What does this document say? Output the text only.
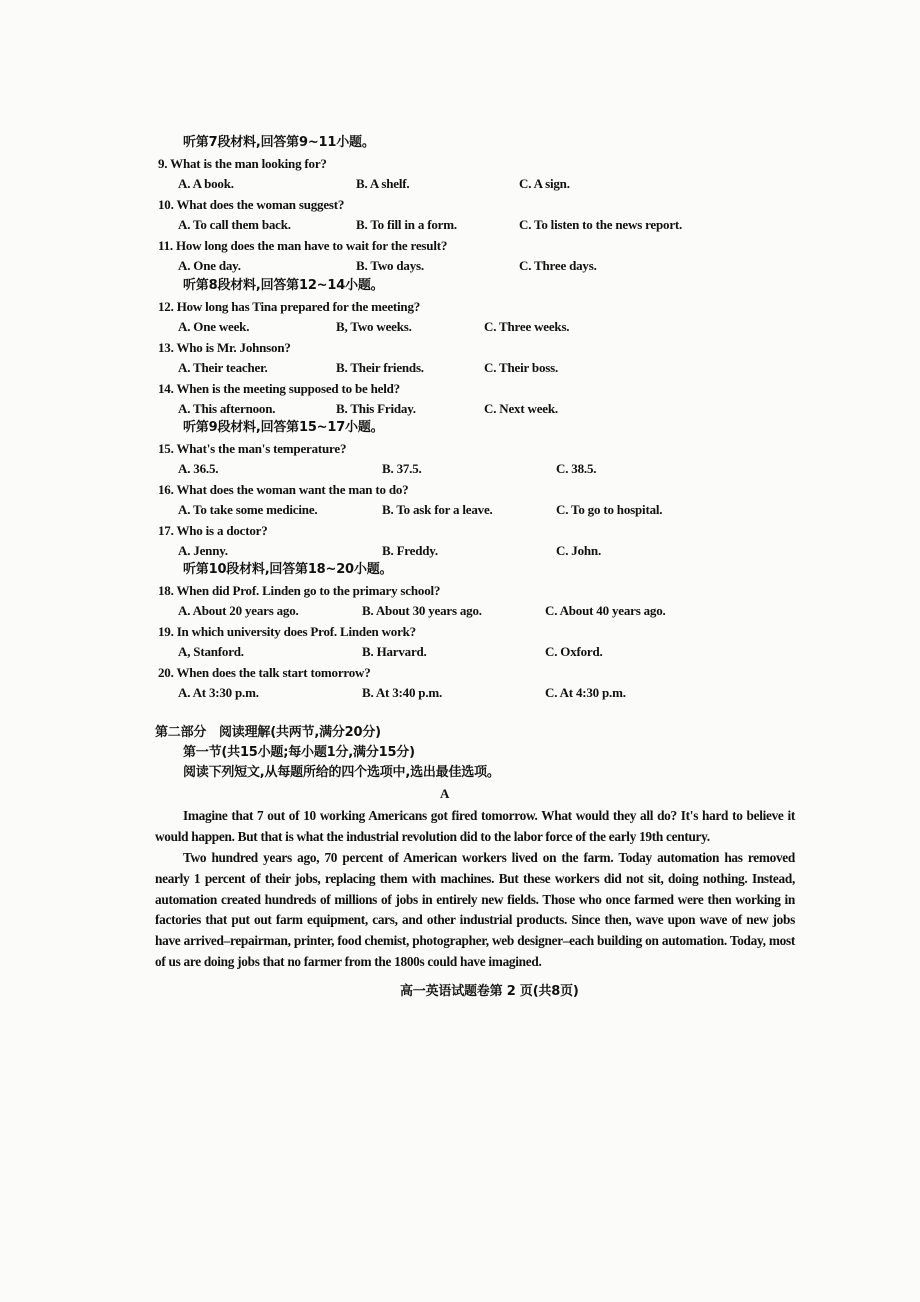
听第7段材料,回答第9~11小题。
9. What is the man looking for?
A. A book.	B. A shelf.	C. A sign.
10. What does the woman suggest?
A. To call them back.	B. To fill in a form.	C. To listen to the news report.
11. How long does the man have to wait for the result?
A. One day.	B. Two days.	C. Three days.
听第8段材料,回答第12~14小题。
12. How long has Tina prepared for the meeting?
A. One week.	B, Two weeks.	C. Three weeks.
13. Who is Mr. Johnson?
A. Their teacher.	B. Their friends.	C. Their boss.
14. When is the meeting supposed to be held?
A. This afternoon.	B. This Friday.	C. Next week.
听第9段材料,回答第15~17小题。
15. What's the man's temperature?
A. 36.5.	B. 37.5.	C. 38.5.
16. What does the woman want the man to do?
A. To take some medicine.	B. To ask for a leave.	C. To go to hospital.
17. Who is a doctor?
A. Jenny.	B. Freddy.	C. John.
听第10段材料,回答第18~20小题。
18. When did Prof. Linden go to the primary school?
A. About 20 years ago.	B. About 30 years ago.	C. About 40 years ago.
19. In which university does Prof. Linden work?
A, Stanford.	B. Harvard.	C. Oxford.
20. When does the talk start tomorrow?
A. At 3:30 p.m.	B. At 3:40 p.m.	C. At 4:30 p.m.
第二部分　阅读理解(共两节,满分20分)
第一节(共15小题;每小题1分,满分15分)
阅读下列短文,从每题所给的四个选项中,选出最佳选项。
A

Imagine that 7 out of 10 working Americans got fired tomorrow. What would they all do? It's hard to believe it would happen. But that is what the industrial revolution did to the labor force of the early 19th century.

Two hundred years ago, 70 percent of American workers lived on the farm. Today automation has removed nearly 1 percent of their jobs, replacing them with machines. But these workers did not sit, doing nothing. Instead, automation created hundreds of millions of jobs in entirely new fields. Those who once farmed were then working in factories that put out farm equipment, cars, and other industrial products. Since then, wave upon wave of new jobs have arrived–repairman, printer, food chemist, photographer, web designer–each building on automation. Today, most of us are doing jobs that no farmer from the 1800s could have imagined.

高一英语试题卷第 2 页(共8页)
